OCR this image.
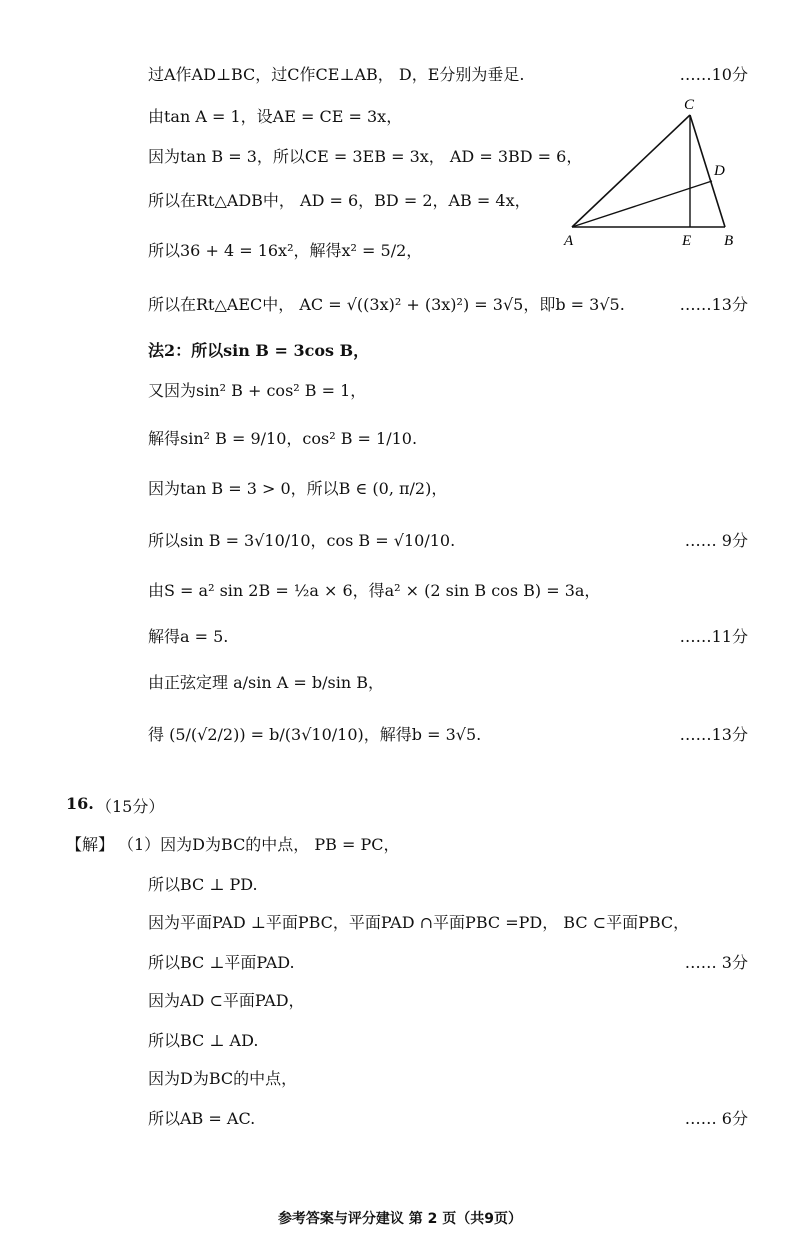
过A作AD⊥BC，过C作CE⊥AB， D，E分别为垂足.	……10分
由tan A = 1，设AE = CE = 3x，
因为tan B = 3，所以CE = 3EB = 3x， AD = 3BD = 6，
所以在Rt△ADB中， AD = 6，BD = 2，AB = 4x，
所以36 + 4 = 16x²，解得x² = 5/2，
所以在Rt△AEC中， AC = √((3x)² + (3x)²) = 3√5，即b = 3√5.	……13分
法2：所以sin B = 3cos B，
又因为sin² B + cos² B = 1，
解得sin² B = 9/10，cos² B = 1/10.
因为tan B = 3 > 0，所以B ∈ (0, π/2)，
所以sin B = 3√10/10，cos B = √10/10.	…… 9分
由S = a² sin 2B = ½a × 6，得a² × (2 sin B cos B) = 3a，
解得a = 5.	……11分
由正弦定理 a/sin A = b/sin B，
得 (5/(√2/2)) = b/(3√10/10)，解得b = 3√5.	……13分
C
D
A	E B
16. （15分）
【解】 （1）因为D为BC的中点， PB = PC，
所以BC ⊥ PD.
因为平面PAD ⊥平面PBC，平面PAD ∩平面PBC =PD， BC ⊂平面PBC，
所以BC ⊥平面PAD.	…… 3分
因为AD ⊂平面PAD，
所以BC ⊥ AD.
因为D为BC的中点，
所以AB = AC.	…… 6分
参考答案与评分建议 第 2 页（共9页）
